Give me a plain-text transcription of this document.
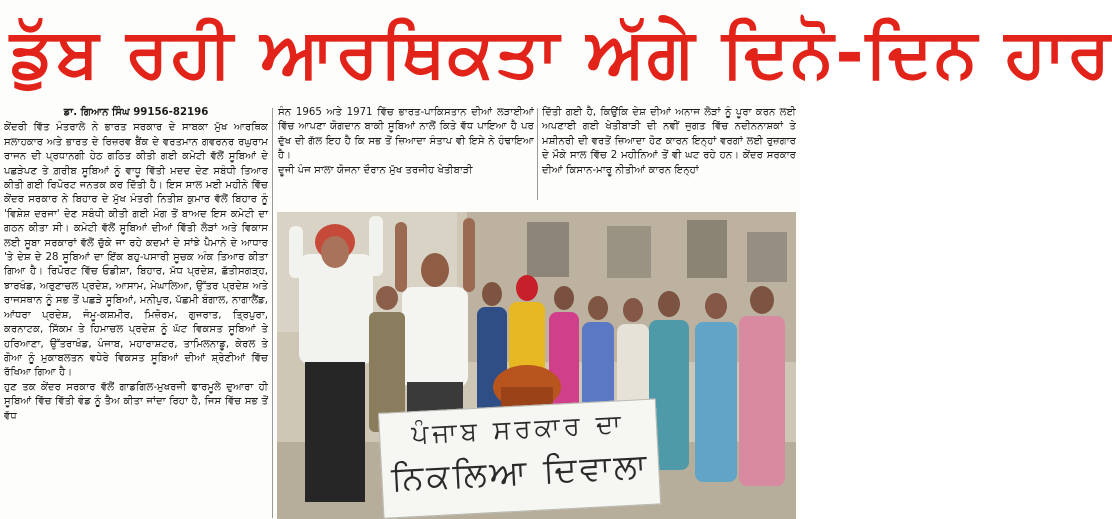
ਡੁੱਬ ਰਹੀ ਆਰਥਿਕਤਾ ਅੱਗੇ ਦਿਨੋ-ਦਿਨ ਹਾਰ
ਡਾ. ਗਿਆਨ ਸਿੰਘ 99156-82196

ਕੇਂਦਰੀ ਵਿੱਤ ਮੰਤਰਾਲੇ ਨੇ ਭਾਰਤ ਸਰਕਾਰ ਦੇ ਸਾਬਕਾ ਮੁੱਖ ਆਰਥਿਕ ਸਲਾਹਕਾਰ ਅਤੇ ਭਾਰਤ ਦੇ ਰਿਜ਼ਰਵ ਬੈਂਕ ਦੇ ਵਰਤਮਾਨ ਗਵਰਨਰ ਰਘੁਰਾਮ ਰਾਜਨ ਦੀ ਪ੍ਰਧਾਨਗੀ ਹੇਠ ਗਠਿਤ ਕੀਤੀ ਗਈ ਕਮੇਟੀ ਵੱਲੋਂ ਸੂਬਿਆਂ ਦੇ ਪਛੜੇਪਣ ਤੇ ਗ਼ਰੀਬ ਸੂਬਿਆਂ ਨੂੰ ਵਾਧੂ ਵਿੱਤੀ ਮਦਦ ਦੇਣ ਸਬੰਧੀ ਤਿਆਰ ਕੀਤੀ ਗਈ ਰਿਪੋਰਟ ਜਨਤਕ ਕਰ ਦਿੱਤੀ ਹੈ। ਇਸ ਸਾਲ ਮਈ ਮਹੀਨੇ ਵਿੱਚ ਕੇਂਦਰ ਸਰਕਾਰ ਨੇ ਬਿਹਾਰ ਦੇ ਮੁੱਖ ਮੰਤਰੀ ਨਿਤੀਸ਼ ਕੁਮਾਰ ਵੱਲੋਂ ਬਿਹਾਰ ਨੂੰ 'ਵਿਸ਼ੇਸ਼ ਦਰਜਾ' ਦੇਣ ਸਬੰਧੀ ਕੀਤੀ ਗਈ ਮੰਗ ਤੋਂ ਬਾਅਦ ਇਸ ਕਮੇਟੀ ਦਾ ਗਠਨ ਕੀਤਾ ਸੀ। ਕਮੇਟੀ ਵੱਲੋਂ ਸੂਬਿਆਂ ਦੀਆਂ ਵਿੱਤੀ ਲੋੜਾਂ ਅਤੇ ਵਿਕਾਸ ਲਈ ਸੂਬਾ ਸਰਕਾਰਾਂ ਵੱਲੋਂ ਚੁੱਕੇ ਜਾ ਰਹੇ ਕਦਮਾਂ ਦੇ ਸਾਂਝੇ ਪੈਮਾਨੇ ਦੇ ਆਧਾਰ 'ਤੇ ਦੇਸ਼ ਦੇ 28 ਸੂਬਿਆਂ ਦਾ ਇੱਕ ਬਹੁ-ਪਸਾਰੀ ਸੂਚਕ ਅੰਕ ਤਿਆਰ ਕੀਤਾ ਗਿਆ ਹੈ। ਰਿਪੋਰਟ ਵਿੱਚ ਓਡੀਸ਼ਾ, ਬਿਹਾਰ, ਮੱਧ ਪ੍ਰਦੇਸ਼, ਛੱਤੀਸਗੜ੍ਹ, ਝਾਰਖੰਡ, ਅਰੁਣਾਚਲ ਪ੍ਰਦੇਸ਼, ਆਸਾਮ, ਮੇਘਾਲਿਆ, ਉੱਤਰ ਪ੍ਰਦੇਸ਼ ਅਤੇ ਰਾਜਸਥਾਨ ਨੂੰ ਸਭ ਤੋਂ ਪਛੜੇ ਸੂਬਿਆਂ, ਮਨੀਪੁਰ, ਪੱਛਮੀ ਬੰਗਾਲ, ਨਾਗਾਲੈਂਡ, ਆਂਧਰਾ ਪ੍ਰਦੇਸ਼, ਜੰਮੂ-ਕਸ਼ਮੀਰ, ਮਿਜ਼ੋਰਮ, ਗੁਜਰਾਤ, ਤ੍ਰਿਪੁਰਾ, ਕਰਨਾਟਕ, ਸਿੱਕਮ ਤੇ ਹਿਮਾਚਲ ਪ੍ਰਦੇਸ਼ ਨੂੰ ਘੱਟ ਵਿਕਸਤ ਸੂਬਿਆਂ ਤੇ ਹਰਿਆਣਾ, ਉੱਤਰਾਖੰਡ, ਪੰਜਾਬ, ਮਹਾਰਾਸ਼ਟਰ, ਤਾਮਿਲਨਾਡੂ, ਕੇਰਲ ਤੇ ਗੋਆ ਨੂੰ ਮੁਕਾਬਲਤਨ ਵਧੇਰੇ ਵਿਕਸਤ ਸੂਬਿਆਂ ਦੀਆਂ ਸ਼੍ਰੇਣੀਆਂ ਵਿੱਚ ਰੱਖਿਆ ਗਿਆ ਹੈ।

ਹੁਣ ਤਕ ਕੇਂਦਰ ਸਰਕਾਰ ਵੱਲੋਂ ਗਾਡਗਿਲ-ਮੁਖਰਜੀ ਫਾਰਮੂਲੇ ਦੁਆਰਾ ਹੀ ਸੂਬਿਆਂ ਵਿੱਚ ਵਿੱਤੀ ਵੰਡ ਨੂੰ ਤੈਅ ਕੀਤਾ ਜਾਂਦਾ ਰਿਹਾ ਹੈ, ਜਿਸ ਵਿੱਚ ਸਭ ਤੋਂ ਵੱਧ

ਸੰਨ 1965 ਅਤੇ 1971 ਵਿੱਚ ਭਾਰਤ-ਪਾਕਿਸਤਾਨ ਦੀਆਂ ਲੜਾਈਆਂ ਵਿੱਚ ਆਪਣਾ ਯੋਗਦਾਨ ਬਾਕੀ ਸੂਬਿਆਂ ਨਾਲੋਂ ਕਿਤੇ ਵੱਧ ਪਾਇਆ ਹੈ ਪਰ ਦੁੱਖ ਦੀ ਗੱਲ ਇਹ ਹੈ ਕਿ ਸਭ ਤੋਂ ਜ਼ਿਆਦਾ ਸੰਤਾਪ ਵੀ ਇਸੇ ਨੇ ਹੰਢਾਇਆ ਹੈ।

ਦੂਜੀ ਪੰਜ ਸਾਲਾ ਯੋਜਨਾ ਦੌਰਾਨ ਮੁੱਖ ਤਰਜੀਹ ਖੇਤੀਬਾੜੀ

ਦਿੱਤੀ ਗਈ ਹੈ, ਕਿਉਂਕਿ ਦੇਸ਼ ਦੀਆਂ ਅਨਾਜ ਲੋੜਾਂ ਨੂੰ ਪੂਰਾ ਕਰਨ ਲਈ ਅਪਣਾਈ ਗਈ ਖੇਤੀਬਾੜੀ ਦੀ ਨਵੀਂ ਜੁਗਤ ਵਿੱਚ ਨਦੀਨਨਾਸ਼ਕਾਂ ਤੇ ਮਸ਼ੀਨਰੀ ਦੀ ਵਰਤੋਂ ਜ਼ਿਆਦਾ ਹੋਣ ਕਾਰਨ ਇਨ੍ਹਾਂ ਵਰਗਾਂ ਲਈ ਰੁਜ਼ਗਾਰ ਦੇ ਮੌਕੇ ਸਾਲ ਵਿੱਚ 2 ਮਹੀਨਿਆਂ ਤੋਂ ਵੀ ਘਟ ਰਹੇ ਹਨ। ਕੇਂਦਰ ਸਰਕਾਰ ਦੀਆਂ ਕਿਸਾਨ-ਮਾਰੂ ਨੀਤੀਆਂ ਕਾਰਨ ਇਨ੍ਹਾਂ

ਪੰਜਾਬ ਸਰਕਾਰ ਦਾ
ਨਿਕਲਿਆ ਦਿਵਾਲਾ
